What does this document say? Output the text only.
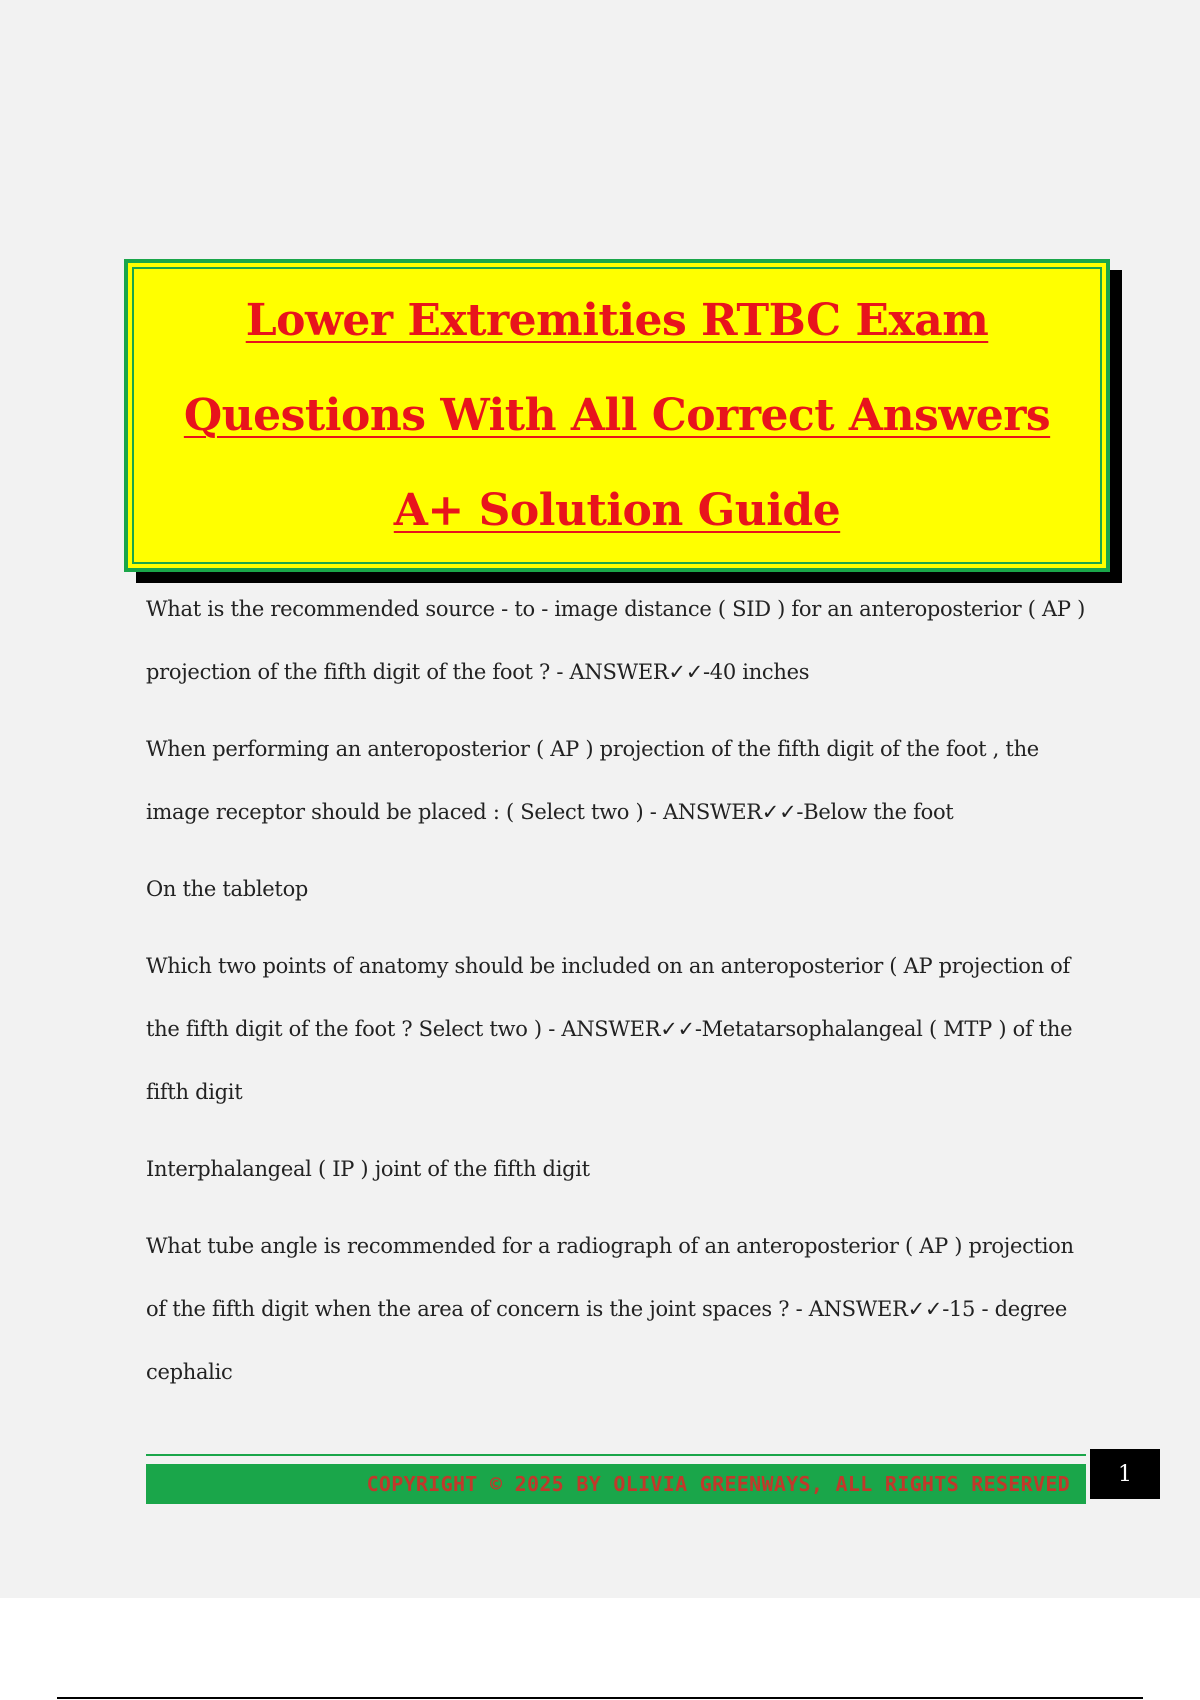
Lower Extremities RTBC Exam
Questions With All Correct Answers
A+ Solution Guide

What is the recommended source - to - image distance ( SID ) for an anteroposterior ( AP ) projection of the fifth digit of the foot ? - ANSWER✓✓-40 inches

When performing an anteroposterior ( AP ) projection of the fifth digit of the foot , the image receptor should be placed : ( Select two ) - ANSWER✓✓-Below the foot

On the tabletop

Which two points of anatomy should be included on an anteroposterior ( AP projection of the fifth digit of the foot ? Select two ) - ANSWER✓✓-Metatarsophalangeal ( MTP ) of the fifth digit

Interphalangeal ( IP ) joint of the fifth digit

What tube angle is recommended for a radiograph of an anteroposterior ( AP ) projection of the fifth digit when the area of concern is the joint spaces ? - ANSWER✓✓-15 - degree cephalic

COPYRIGHT © 2025 BY OLIVIA GREENWAYS, ALL RIGHTS RESERVED	1
